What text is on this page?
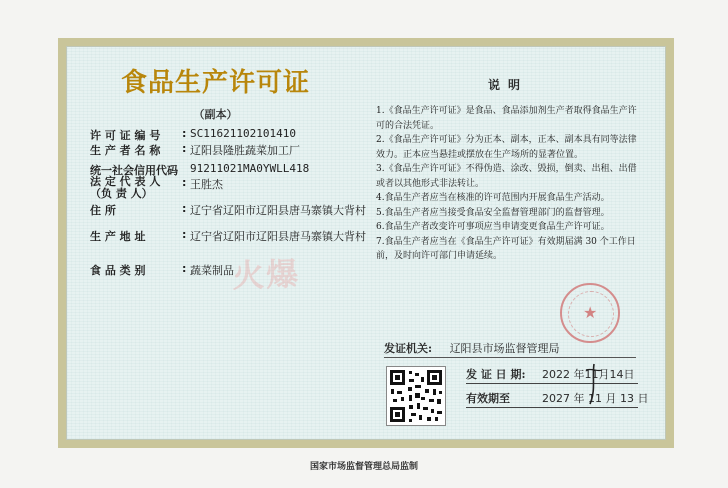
食品生产许可证
（副本）
许 可 证 编 号	: SC11621102101410
生 产 者 名 称	: 辽阳县隆胜蔬菜加工厂
统一社会信用代码	91211021MA0YWLL418
法 定 代 表 人
（负 责 人）
: 王胜杰
住 所	: 辽宁省辽阳市辽阳县唐马寨镇大背村
生 产 地 址	: 辽宁省辽阳市辽阳县唐马寨镇大背村
食 品 类 别	: 蔬菜制品
火爆
说明
1.《食品生产许可证》是食品、食品添加剂生产者取得食品生产许可的合法凭证。
2.《食品生产许可证》分为正本、副本，正本、副本具有同等法律效力。正本应当悬挂或摆放在生产场所的显著位置。
3.《食品生产许可证》不得伪造、涂改、毁损，倒卖、出租、出借或者以其他形式非法转让。
4.食品生产者应当在核准的许可范围内开展食品生产活动。
5.食品生产者应当接受食品安全监督管理部门的监督管理。
6.食品生产者改变许可事项应当申请变更食品生产许可证。
7.食品生产者应当在《食品生产许可证》有效期届满 30 个工作日前，及时向许可部门申请延续。
★
发证机关: 辽阳县市场监督管理局
发 证 日 期:	2022 年11月14日
有效期至	2027 年 11 月 13 日
国家市场监督管理总局监制
